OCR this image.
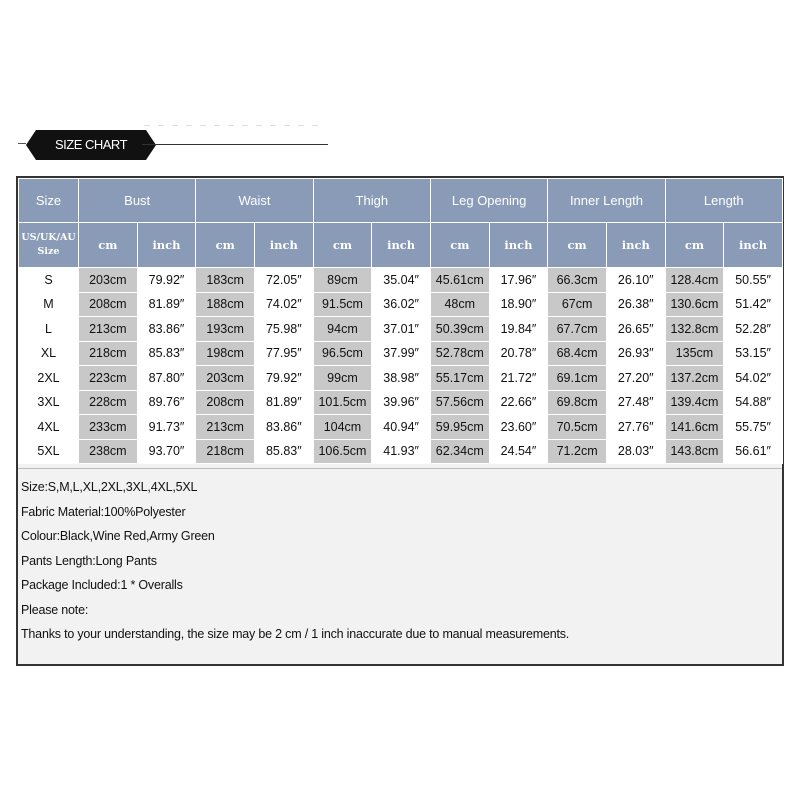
SIZE CHART
Size	Bust		Waist		Thigh		Leg Opening		Inner Length		Length	
US/UK/AU
Size	cm	inch	cm	inch	cm	inch	cm	inch	cm	inch	cm	inch
S	203cm	79.92″	183cm	72.05″	89cm	35.04″	45.61cm	17.96″	66.3cm	26.10″	128.4cm	50.55″
M	208cm	81.89″	188cm	74.02″	91.5cm	36.02″	48cm	18.90″	67cm	26.38″	130.6cm	51.42″
L	213cm	83.86″	193cm	75.98″	94cm	37.01″	50.39cm	19.84″	67.7cm	26.65″	132.8cm	52.28″
XL	218cm	85.83″	198cm	77.95″	96.5cm	37.99″	52.78cm	20.78″	68.4cm	26.93″	135cm	53.15″
2XL	223cm	87.80″	203cm	79.92″	99cm	38.98″	55.17cm	21.72″	69.1cm	27.20″	137.2cm	54.02″
3XL	228cm	89.76″	208cm	81.89″	101.5cm	39.96″	57.56cm	22.66″	69.8cm	27.48″	139.4cm	54.88″
4XL	233cm	91.73″	213cm	83.86″	104cm	40.94″	59.95cm	23.60″	70.5cm	27.76″	141.6cm	55.75″
5XL	238cm	93.70″	218cm	85.83″	106.5cm	41.93″	62.34cm	24.54″	71.2cm	28.03″	143.8cm	56.61″
Size:S,M,L,XL,2XL,3XL,4XL,5XL
Fabric Material:100%Polyester
Colour:Black,Wine Red,Army Green
Pants Length:Long Pants
Package Included:1 * Overalls
Please note:
Thanks to your understanding, the size may be 2 cm / 1 inch inaccurate due to manual measurements.
